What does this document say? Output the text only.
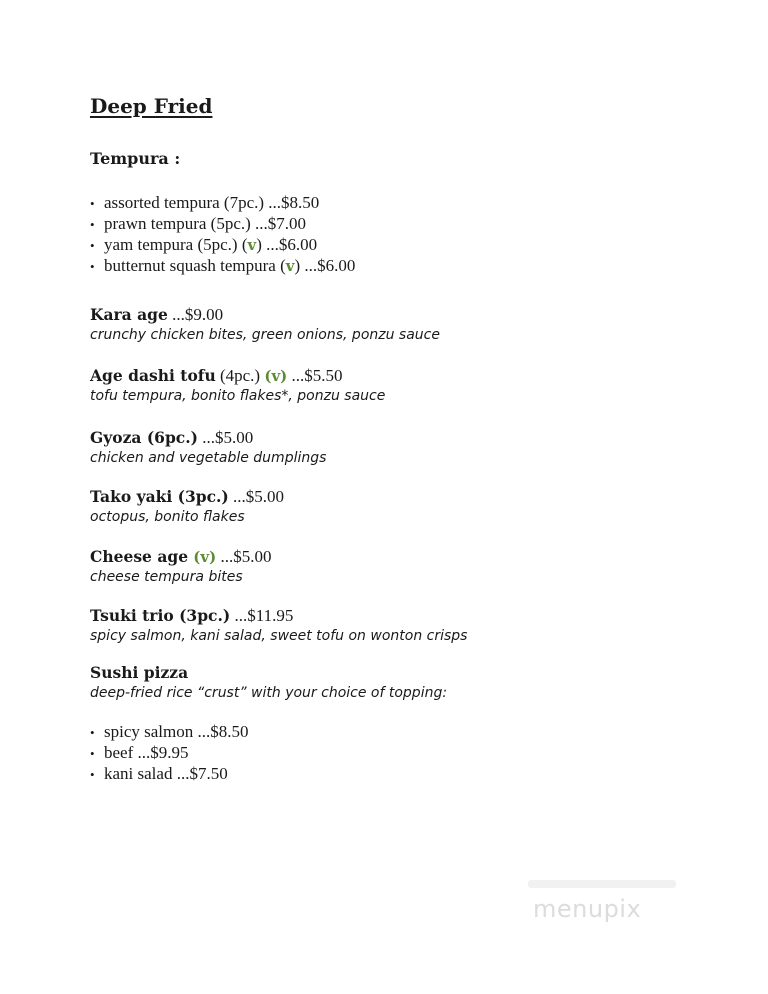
Deep Fried
Tempura :
• assorted tempura (7pc.) ...$8.50
• prawn tempura (5pc.) ...$7.00
• yam tempura (5pc.) (v) ...$6.00
• butternut squash tempura (v) ...$6.00
Kara age ...$9.00
crunchy chicken bites, green onions, ponzu sauce
Age dashi tofu (4pc.) (v) ...$5.50
tofu tempura, bonito flakes*, ponzu sauce
Gyoza (6pc.) ...$5.00
chicken and vegetable dumplings
Tako yaki (3pc.) ...$5.00
octopus, bonito flakes
Cheese age (v) ...$5.00
cheese tempura bites
Tsuki trio (3pc.) ...$11.95
spicy salmon, kani salad, sweet tofu on wonton crisps
Sushi pizza
deep-fried rice “crust” with your choice of topping:
• spicy salmon ...$8.50
• beef ...$9.95
• kani salad ...$7.50
menupix
